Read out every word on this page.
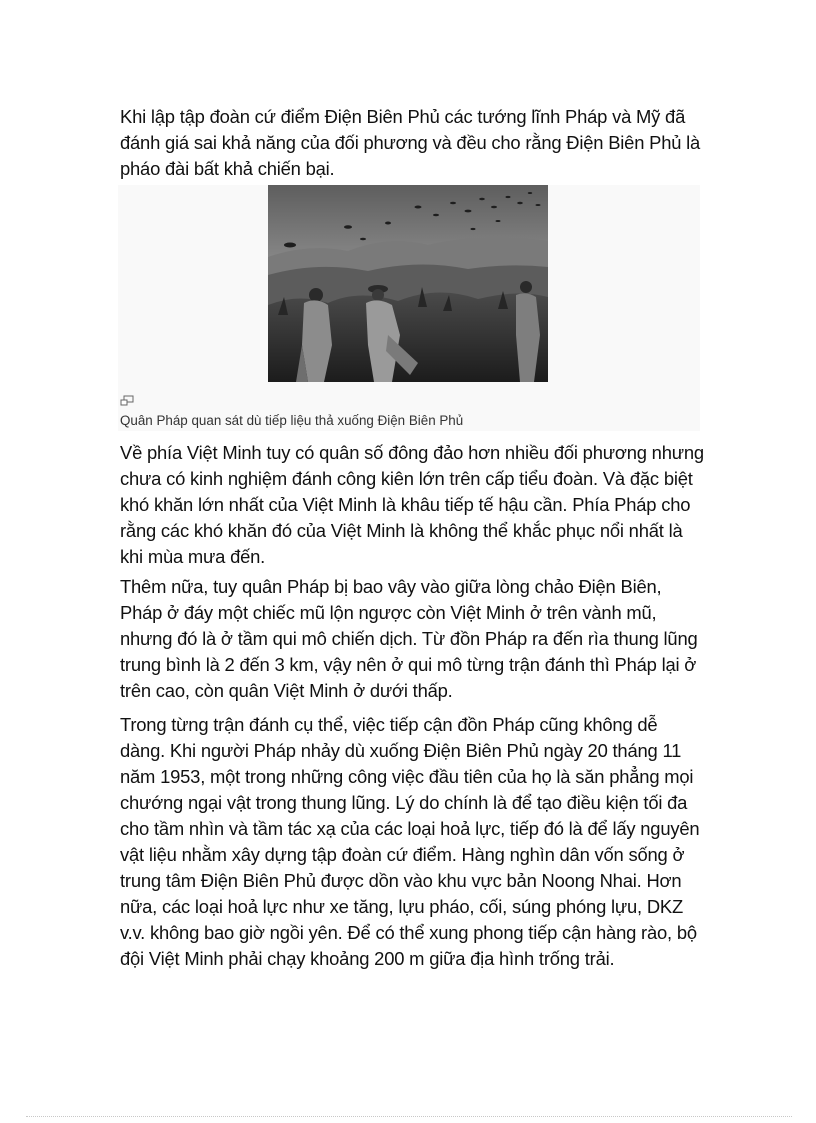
Khi lập tập đoàn cứ điểm Điện Biên Phủ các tướng lĩnh Pháp và Mỹ đã đánh giá sai khả năng của đối phương và đều cho rằng Điện Biên Phủ là pháo đài bất khả chiến bại.

Quân Pháp quan sát dù tiếp liệu thả xuống Điện Biên Phủ

Về phía Việt Minh tuy có quân số đông đảo hơn nhiều đối phương nhưng chưa có kinh nghiệm đánh công kiên lớn trên cấp tiểu đoàn. Và đặc biệt khó khăn lớn nhất của Việt Minh là khâu tiếp tế hậu cần. Phía Pháp cho rằng các khó khăn đó của Việt Minh là không thể khắc phục nổi nhất là khi mùa mưa đến.

Thêm nữa, tuy quân Pháp bị bao vây vào giữa lòng chảo Điện Biên, Pháp ở đáy một chiếc mũ lộn ngược còn Việt Minh ở trên vành mũ, nhưng đó là ở tầm qui mô chiến dịch. Từ đồn Pháp ra đến rìa thung lũng trung bình là 2 đến 3 km, vậy nên ở qui mô từng trận đánh thì Pháp lại ở trên cao, còn quân Việt Minh ở dưới thấp.

Trong từng trận đánh cụ thể, việc tiếp cận đồn Pháp cũng không dễ dàng. Khi người Pháp nhảy dù xuống Điện Biên Phủ ngày 20 tháng 11 năm 1953, một trong những công việc đầu tiên của họ là săn phẳng mọi chướng ngại vật trong thung lũng. Lý do chính là để tạo điều kiện tối đa cho tầm nhìn và tầm tác xạ của các loại hoả lực, tiếp đó là để lấy nguyên vật liệu nhằm xây dựng tập đoàn cứ điểm. Hàng nghìn dân vốn sống ở trung tâm Điện Biên Phủ được dồn vào khu vực bản Noong Nhai. Hơn nữa, các loại hoả lực như xe tăng, lựu pháo, cối, súng phóng lựu, DKZ v.v. không bao giờ ngồi yên. Để có thể xung phong tiếp cận hàng rào, bộ đội Việt Minh phải chạy khoảng 200 m giữa địa hình trống trải.
